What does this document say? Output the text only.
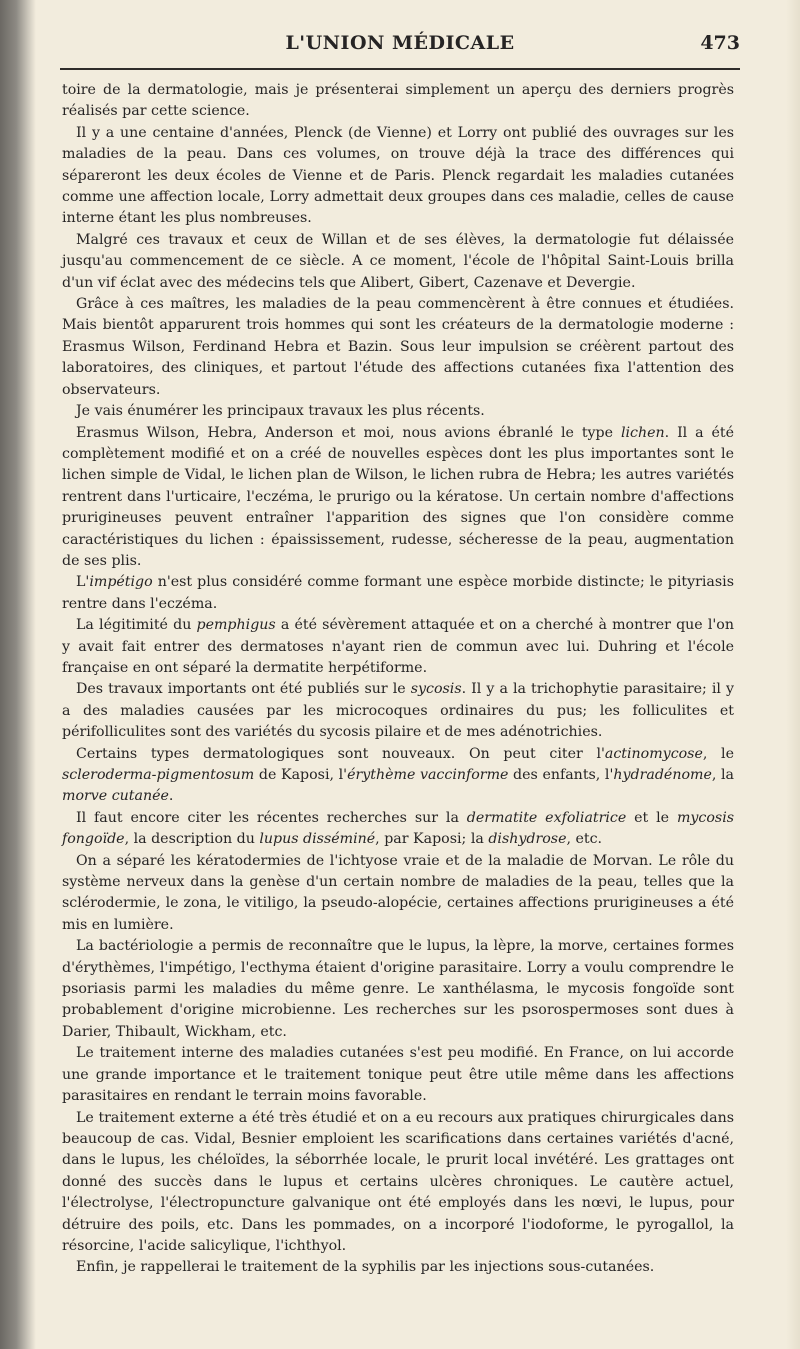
L'UNION MÉDICALE	473

toire de la dermatologie, mais je présenterai simplement un aperçu des derniers progrès réalisés par cette science.

Il y a une centaine d'années, Plenck (de Vienne) et Lorry ont publié des ouvrages sur les maladies de la peau. Dans ces volumes, on trouve déjà la trace des différences qui sépareront les deux écoles de Vienne et de Paris. Plenck regardait les maladies cutanées comme une affection locale, Lorry admettait deux groupes dans ces maladie, celles de cause interne étant les plus nombreuses.

Malgré ces travaux et ceux de Willan et de ses élèves, la dermatologie fut délaissée jusqu'au commencement de ce siècle. A ce moment, l'école de l'hôpital Saint-Louis brilla d'un vif éclat avec des médecins tels que Alibert, Gibert, Cazenave et Devergie.

Grâce à ces maîtres, les maladies de la peau commencèrent à être connues et étudiées. Mais bientôt apparurent trois hommes qui sont les créateurs de la dermatologie moderne : Erasmus Wilson, Ferdinand Hebra et Bazin. Sous leur impulsion se créèrent partout des laboratoires, des cliniques, et partout l'étude des affections cutanées fixa l'attention des observateurs.

Je vais énumérer les principaux travaux les plus récents.

Erasmus Wilson, Hebra, Anderson et moi, nous avions ébranlé le type lichen. Il a été complètement modifié et on a créé de nouvelles espèces dont les plus importantes sont le lichen simple de Vidal, le lichen plan de Wilson, le lichen rubra de Hebra; les autres variétés rentrent dans l'urticaire, l'eczéma, le prurigo ou la kératose. Un certain nombre d'affections prurigineuses peuvent entraîner l'apparition des signes que l'on considère comme caractéristiques du lichen : épaississement, rudesse, sécheresse de la peau, augmentation de ses plis.

L'impétigo n'est plus considéré comme formant une espèce morbide distincte; le pityriasis rentre dans l'eczéma.

La légitimité du pemphigus a été sévèrement attaquée et on a cherché à montrer que l'on y avait fait entrer des dermatoses n'ayant rien de commun avec lui. Duhring et l'école française en ont séparé la dermatite herpétiforme.

Des travaux importants ont été publiés sur le sycosis. Il y a la trichophytie parasitaire; il y a des maladies causées par les microcoques ordinaires du pus; les folliculites et périfolliculites sont des variétés du sycosis pilaire et de mes adénotrichies.

Certains types dermatologiques sont nouveaux. On peut citer l'actinomycose, le scleroderma-pigmentosum de Kaposi, l'érythème vaccinforme des enfants, l'hydradénome, la morve cutanée.

Il faut encore citer les récentes recherches sur la dermatite exfoliatrice et le mycosis fongoïde, la description du lupus disséminé, par Kaposi; la dishydrose, etc.

On a séparé les kératodermies de l'ichtyose vraie et de la maladie de Morvan. Le rôle du système nerveux dans la genèse d'un certain nombre de maladies de la peau, telles que la sclérodermie, le zona, le vitiligo, la pseudo-alopécie, certaines affections prurigineuses a été mis en lumière.

La bactériologie a permis de reconnaître que le lupus, la lèpre, la morve, certaines formes d'érythèmes, l'impétigo, l'ecthyma étaient d'origine parasitaire. Lorry a voulu comprendre le psoriasis parmi les maladies du même genre. Le xanthélasma, le mycosis fongoïde sont probablement d'origine microbienne. Les recherches sur les psorospermoses sont dues à Darier, Thibault, Wickham, etc.

Le traitement interne des maladies cutanées s'est peu modifié. En France, on lui accorde une grande importance et le traitement tonique peut être utile même dans les affections parasitaires en rendant le terrain moins favorable.

Le traitement externe a été très étudié et on a eu recours aux pratiques chirurgicales dans beaucoup de cas. Vidal, Besnier emploient les scarifications dans certaines variétés d'acné, dans le lupus, les chéloïdes, la séborrhée locale, le prurit local invétéré. Les grattages ont donné des succès dans le lupus et certains ulcères chroniques. Le cautère actuel, l'électrolyse, l'électropuncture galvanique ont été employés dans les nœvi, le lupus, pour détruire des poils, etc. Dans les pommades, on a incorporé l'iodoforme, le pyrogallol, la résorcine, l'acide salicylique, l'ichthyol.

Enfin, je rappellerai le traitement de la syphilis par les injections sous-cutanées.
